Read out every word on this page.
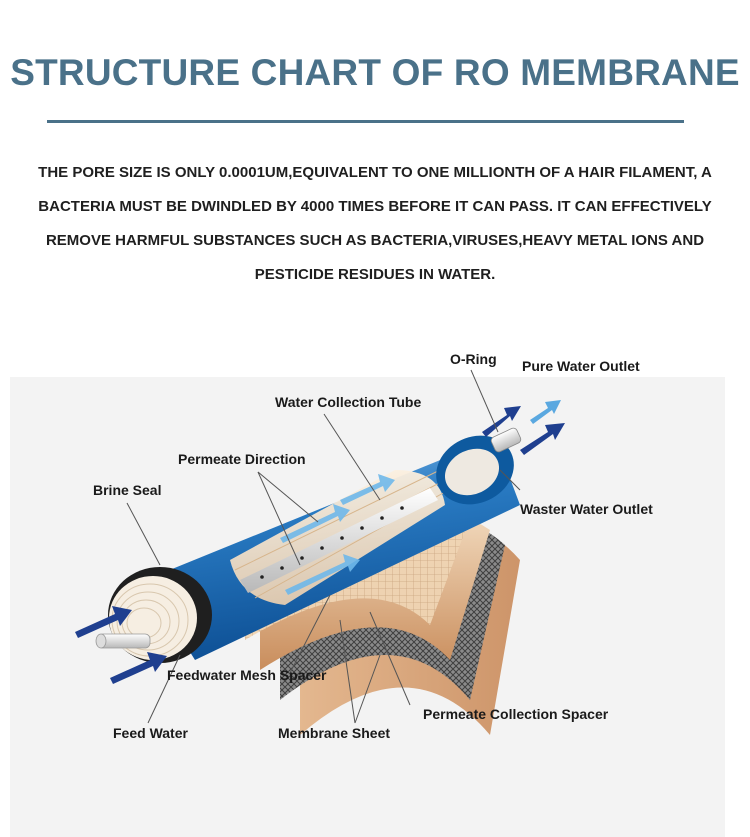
STRUCTURE CHART OF RO MEMBRANE

THE PORE SIZE IS ONLY 0.0001UM,EQUIVALENT TO ONE MILLIONTH OF A HAIR FILAMENT, A BACTERIA MUST BE DWINDLED BY 4000 TIMES BEFORE IT CAN PASS. IT CAN EFFECTIVELY REMOVE HARMFUL SUBSTANCES SUCH AS BACTERIA,VIRUSES,HEAVY METAL IONS AND PESTICIDE RESIDUES IN WATER.

O-Ring Pure Water Outlet
Water Collection Tube
Permeate Direction
Brine Seal
Waster Water Outlet
Feedwater Mesh Spacer
Permeate Collection Spacer
Feed Water	Membrane Sheet
